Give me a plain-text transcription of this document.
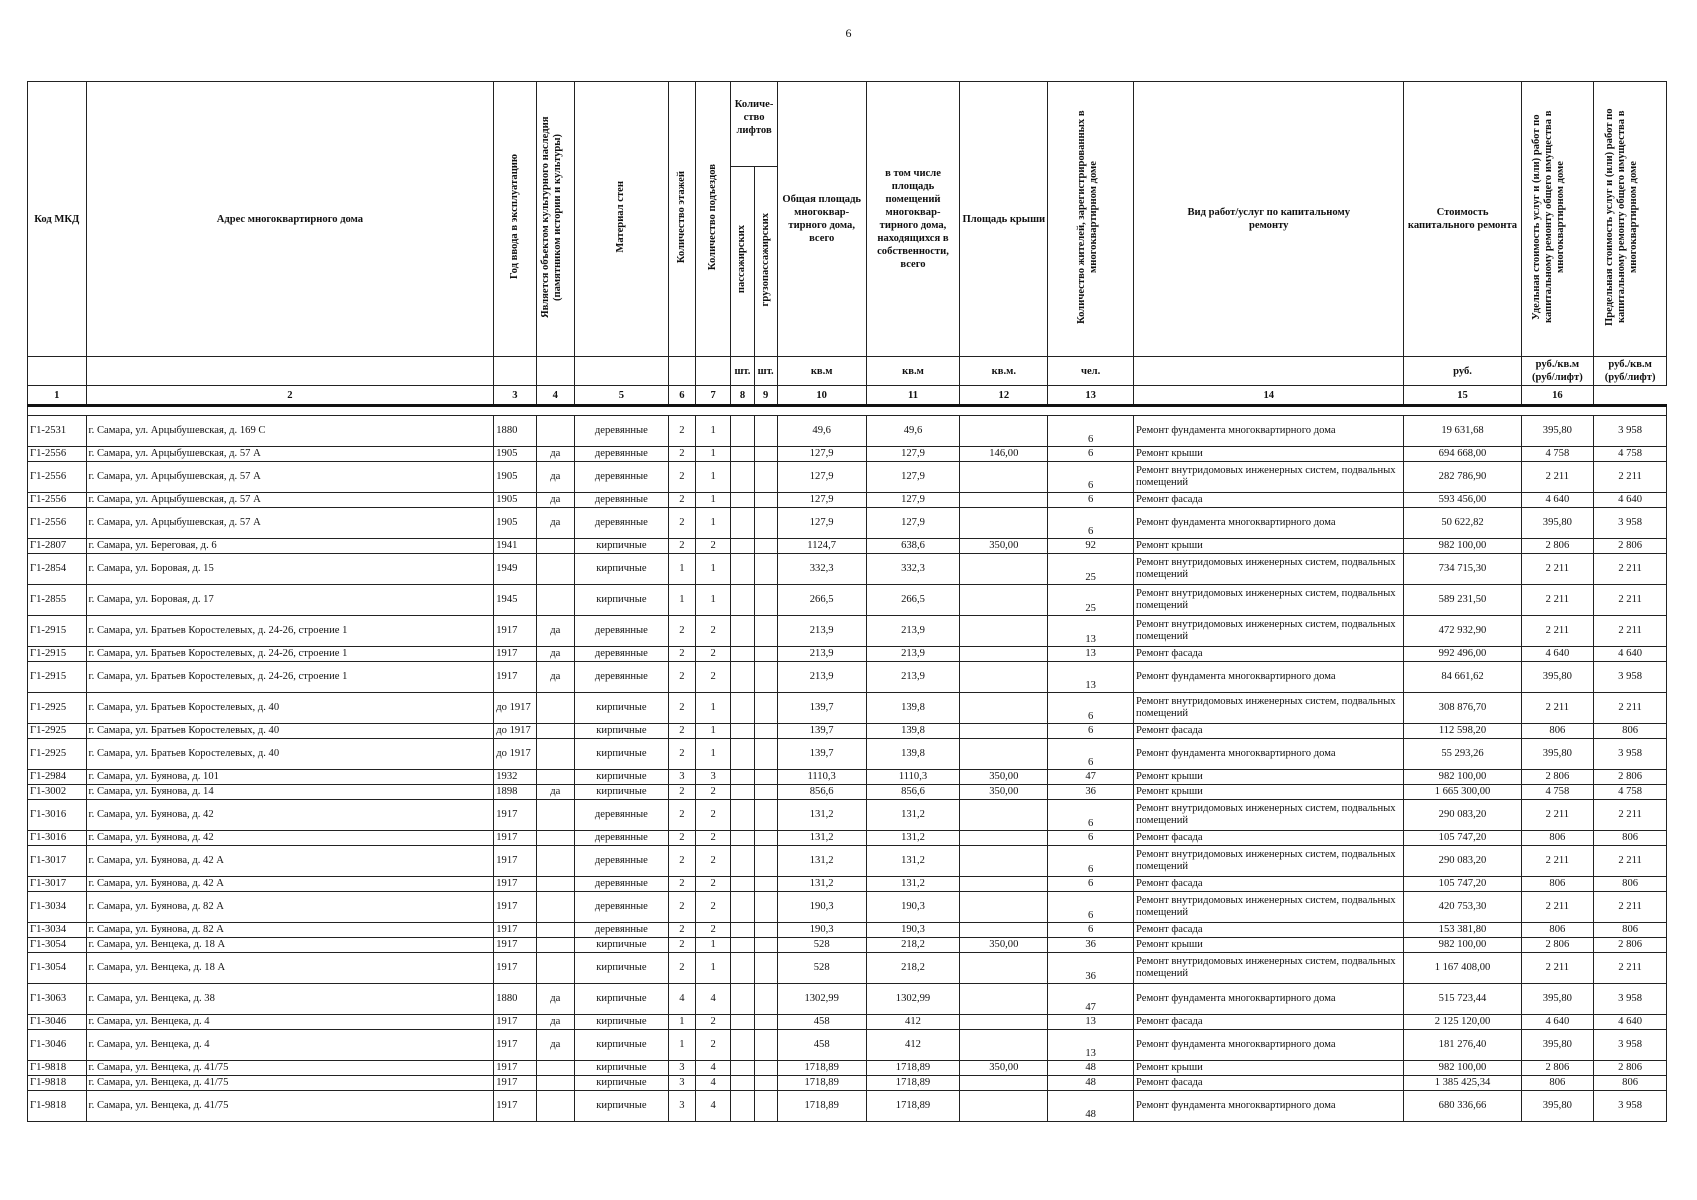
6
Код МКД	Адрес многоквартирного дома	Год ввода в эксплуатацию	Является объектом культурного наследия (памятником истории и культуры)	Материал стен	Количество этажей	Количество подъездов	Количе-ство лифтов		Общая площадь многоквар-тирного дома, всего	в том числе площадь помещений многоквар-тирного дома, находящихся в собственности, всего	Площадь крыши	Количество жителей, зарегистрированных в многоквартирном доме	Вид работ/услуг по капитальному ремонту	Стоимость капитального ремонта	Удельная стоимость услуг и (или) работ по капитальному ремонту общего имущества в многоквартирном доме	Предельная стоимость услуг и (или) работ по капитальному ремонту общего имущества в многоквартирном доме
							пассажирских	грузопассажирских								
							шт.	шт.	кв.м	кв.м	кв.м.	чел.		руб.	руб./кв.м (руб/лифт)	руб./кв.м (руб/лифт)
1	2	3	4	5	6	7	8	9	10	11	12	13	14	15	16	

Г1-2531	г. Самара, ул. Арцыбушевская, д. 169 С	1880		деревянные	2	1			49,6	49,6		6	Ремонт фундамента многоквартирного дома	19 631,68	395,80	3 958
Г1-2556	г. Самара, ул. Арцыбушевская, д. 57 А	1905	да	деревянные	2	1			127,9	127,9	146,00	6	Ремонт крыши	694 668,00	4 758	4 758
Г1-2556	г. Самара, ул. Арцыбушевская, д. 57 А	1905	да	деревянные	2	1			127,9	127,9		6	Ремонт внутридомовых инженерных систем, подвальных помещений	282 786,90	2 211	2 211
Г1-2556	г. Самара, ул. Арцыбушевская, д. 57 А	1905	да	деревянные	2	1			127,9	127,9		6	Ремонт фасада	593 456,00	4 640	4 640
Г1-2556	г. Самара, ул. Арцыбушевская, д. 57 А	1905	да	деревянные	2	1			127,9	127,9		6	Ремонт фундамента многоквартирного дома	50 622,82	395,80	3 958
Г1-2807	г. Самара, ул. Береговая, д. 6	1941		кирпичные	2	2			1124,7	638,6	350,00	92	Ремонт крыши	982 100,00	2 806	2 806
Г1-2854	г. Самара, ул. Боровая, д. 15	1949		кирпичные	1	1			332,3	332,3		25	Ремонт внутридомовых инженерных систем, подвальных помещений	734 715,30	2 211	2 211
Г1-2855	г. Самара, ул. Боровая, д. 17	1945		кирпичные	1	1			266,5	266,5		25	Ремонт внутридомовых инженерных систем, подвальных помещений	589 231,50	2 211	2 211
Г1-2915	г. Самара, ул. Братьев Коростелевых, д. 24-26, строение 1	1917	да	деревянные	2	2			213,9	213,9		13	Ремонт внутридомовых инженерных систем, подвальных помещений	472 932,90	2 211	2 211
Г1-2915	г. Самара, ул. Братьев Коростелевых, д. 24-26, строение 1	1917	да	деревянные	2	2			213,9	213,9		13	Ремонт фасада	992 496,00	4 640	4 640
Г1-2915	г. Самара, ул. Братьев Коростелевых, д. 24-26, строение 1	1917	да	деревянные	2	2			213,9	213,9		13	Ремонт фундамента многоквартирного дома	84 661,62	395,80	3 958
Г1-2925	г. Самара, ул. Братьев Коростелевых, д. 40	до 1917		кирпичные	2	1			139,7	139,8		6	Ремонт внутридомовых инженерных систем, подвальных помещений	308 876,70	2 211	2 211
Г1-2925	г. Самара, ул. Братьев Коростелевых, д. 40	до 1917		кирпичные	2	1			139,7	139,8		6	Ремонт фасада	112 598,20	806	806
Г1-2925	г. Самара, ул. Братьев Коростелевых, д. 40	до 1917		кирпичные	2	1			139,7	139,8		6	Ремонт фундамента многоквартирного дома	55 293,26	395,80	3 958
Г1-2984	г. Самара, ул. Буянова, д. 101	1932		кирпичные	3	3			1110,3	1110,3	350,00	47	Ремонт крыши	982 100,00	2 806	2 806
Г1-3002	г. Самара, ул. Буянова, д. 14	1898	да	кирпичные	2	2			856,6	856,6	350,00	36	Ремонт крыши	1 665 300,00	4 758	4 758
Г1-3016	г. Самара, ул. Буянова, д. 42	1917		деревянные	2	2			131,2	131,2		6	Ремонт внутридомовых инженерных систем, подвальных помещений	290 083,20	2 211	2 211
Г1-3016	г. Самара, ул. Буянова, д. 42	1917		деревянные	2	2			131,2	131,2		6	Ремонт фасада	105 747,20	806	806
Г1-3017	г. Самара, ул. Буянова, д. 42 А	1917		деревянные	2	2			131,2	131,2		6	Ремонт внутридомовых инженерных систем, подвальных помещений	290 083,20	2 211	2 211
Г1-3017	г. Самара, ул. Буянова, д. 42 А	1917		деревянные	2	2			131,2	131,2		6	Ремонт фасада	105 747,20	806	806
Г1-3034	г. Самара, ул. Буянова, д. 82 А	1917		деревянные	2	2			190,3	190,3		6	Ремонт внутридомовых инженерных систем, подвальных помещений	420 753,30	2 211	2 211
Г1-3034	г. Самара, ул. Буянова, д. 82 А	1917		деревянные	2	2			190,3	190,3		6	Ремонт фасада	153 381,80	806	806
Г1-3054	г. Самара, ул. Венцека, д. 18 А	1917		кирпичные	2	1			528	218,2	350,00	36	Ремонт крыши	982 100,00	2 806	2 806
Г1-3054	г. Самара, ул. Венцека, д. 18 А	1917		кирпичные	2	1			528	218,2		36	Ремонт внутридомовых инженерных систем, подвальных помещений	1 167 408,00	2 211	2 211
Г1-3063	г. Самара, ул. Венцека, д. 38	1880	да	кирпичные	4	4			1302,99	1302,99		47	Ремонт фундамента многоквартирного дома	515 723,44	395,80	3 958
Г1-3046	г. Самара, ул. Венцека, д. 4	1917	да	кирпичные	1	2			458	412		13	Ремонт фасада	2 125 120,00	4 640	4 640
Г1-3046	г. Самара, ул. Венцека, д. 4	1917	да	кирпичные	1	2			458	412		13	Ремонт фундамента многоквартирного дома	181 276,40	395,80	3 958
Г1-9818	г. Самара, ул. Венцека, д. 41/75	1917		кирпичные	3	4			1718,89	1718,89	350,00	48	Ремонт крыши	982 100,00	2 806	2 806
Г1-9818	г. Самара, ул. Венцека, д. 41/75	1917		кирпичные	3	4			1718,89	1718,89		48	Ремонт фасада	1 385 425,34	806	806
Г1-9818	г. Самара, ул. Венцека, д. 41/75	1917		кирпичные	3	4			1718,89	1718,89		48	Ремонт фундамента многоквартирного дома	680 336,66	395,80	3 958
